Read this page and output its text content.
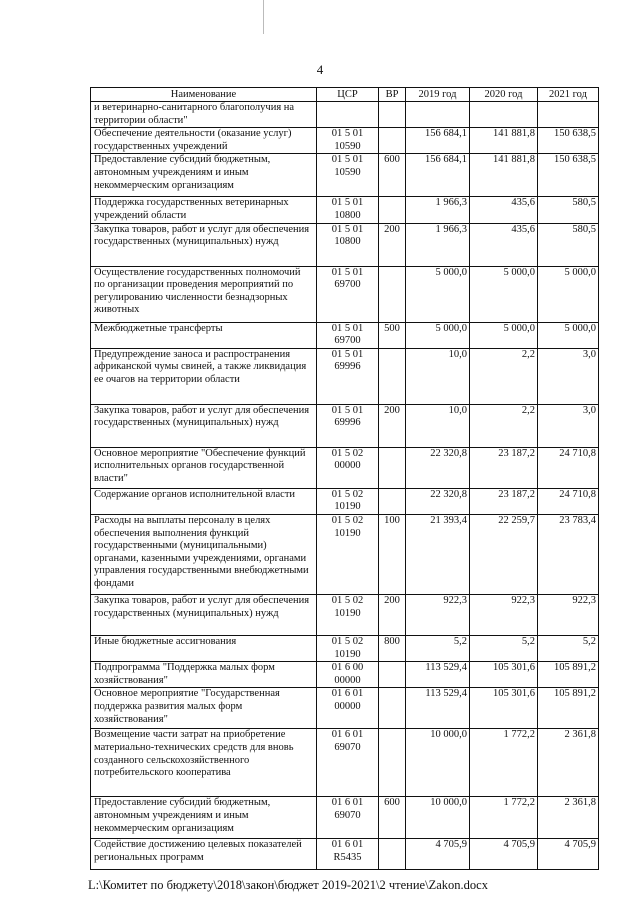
4
Наименование	ЦСР	ВР	2019 год	2020 год	2021 год
и ветеринарно-санитарного благополучия на территории области"					
Обеспечение деятельности (оказание услуг) государственных учреждений	01 5 01 10590		156 684,1	141 881,8	150 638,5
Предоставление субсидий бюджетным, автономным учреждениям и иным некоммерческим организациям	01 5 01 10590	600	156 684,1	141 881,8	150 638,5
Поддержка государственных ветеринарных учреждений области	01 5 01 10800		1 966,3	435,6	580,5
Закупка товаров, работ и услуг для обеспечения государственных (муниципальных) нужд	01 5 01 10800	200	1 966,3	435,6	580,5
Осуществление государственных полномочий по организации проведения мероприятий по регулированию численности безнадзорных животных	01 5 01 69700		5 000,0	5 000,0	5 000,0
Межбюджетные трансферты	01 5 01 69700	500	5 000,0	5 000,0	5 000,0
Предупреждение заноса и распространения африканской чумы свиней, а также ликвидация ее очагов на территории области	01 5 01 69996		10,0	2,2	3,0
Закупка товаров, работ и услуг для обеспечения государственных (муниципальных) нужд	01 5 01 69996	200	10,0	2,2	3,0
Основное мероприятие "Обеспечение функций исполнительных органов государственной власти"	01 5 02 00000		22 320,8	23 187,2	24 710,8
Содержание органов исполнительной власти	01 5 02 10190		22 320,8	23 187,2	24 710,8
Расходы на выплаты персоналу в целях обеспечения выполнения функций государственными (муниципальными) органами, казенными учреждениями, органами управления государственными внебюджетными фондами	01 5 02 10190	100	21 393,4	22 259,7	23 783,4
Закупка товаров, работ и услуг для обеспечения государственных (муниципальных) нужд	01 5 02 10190	200	922,3	922,3	922,3
Иные бюджетные ассигнования	01 5 02 10190	800	5,2	5,2	5,2
Подпрограмма "Поддержка малых форм хозяйствования"	01 6 00 00000		113 529,4	105 301,6	105 891,2
Основное мероприятие "Государственная поддержка развития малых форм хозяйствования"	01 6 01 00000		113 529,4	105 301,6	105 891,2
Возмещение части затрат на приобретение материально-технических средств для вновь созданного сельскохозяйственного потребительского кооператива	01 6 01 69070		10 000,0	1 772,2	2 361,8
Предоставление субсидий бюджетным, автономным учреждениям и иным некоммерческим организациям	01 6 01 69070	600	10 000,0	1 772,2	2 361,8
Содействие достижению целевых показателей региональных программ	01 6 01 R5435		4 705,9	4 705,9	4 705,9
L:\Комитет по бюджету\2018\закон\бюджет 2019-2021\2 чтение\Zakon.docx
